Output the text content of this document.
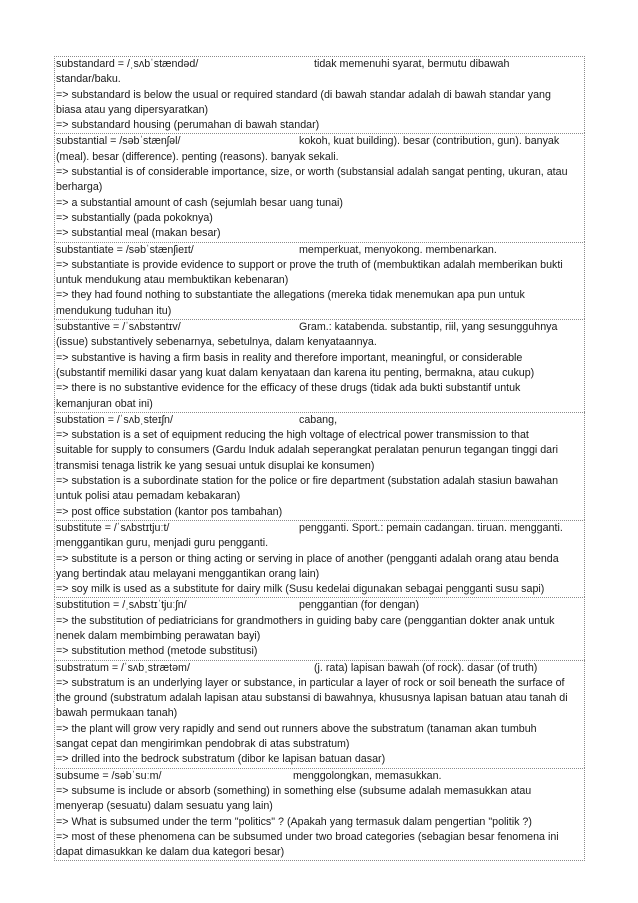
substandard = /ˌsʌbˈstændəd/	tidak memenuhi syarat, bermutu dibawah
standar/baku.
=> substandard is below the usual or required standard (di bawah standar adalah di bawah standar yang
biasa atau yang dipersyaratkan)
=> substandard housing (perumahan di bawah standar)
substantial = /səbˈstænʃəl/	kokoh, kuat building). besar (contribution, gun). banyak
(meal). besar (difference). penting (reasons). banyak sekali.
=> substantial is of considerable importance, size, or worth (substansial adalah sangat penting, ukuran, atau
berharga)
=> a substantial amount of cash (sejumlah besar uang tunai)
=> substantially (pada pokoknya)
=> substantial meal (makan besar)
substantiate = /səbˈstænʃieɪt/	memperkuat, menyokong. membenarkan.
=> substantiate is provide evidence to support or prove the truth of (membuktikan adalah memberikan bukti
untuk mendukung atau membuktikan kebenaran)
=> they had found nothing to substantiate the allegations (mereka tidak menemukan apa pun untuk
mendukung tuduhan itu)
substantive = /ˈsʌbstəntɪv/	Gram.: katabenda. substantip, riil, yang sesungguhnya
(issue) substantively sebenarnya, sebetulnya, dalam kenyataannya.
=> substantive is having a firm basis in reality and therefore important, meaningful, or considerable
(substantif memiliki dasar yang kuat dalam kenyataan dan karena itu penting, bermakna, atau cukup)
=> there is no substantive evidence for the efficacy of these drugs (tidak ada bukti substantif untuk
kemanjuran obat ini)
substation = /ˈsʌbˌsteɪʃn/	cabang,
=> substation is a set of equipment reducing the high voltage of electrical power transmission to that
suitable for supply to consumers (Gardu Induk adalah seperangkat peralatan penurun tegangan tinggi dari
transmisi tenaga listrik ke yang sesuai untuk disuplai ke konsumen)
=> substation is a subordinate station for the police or fire department (substation adalah stasiun bawahan
untuk polisi atau pemadam kebakaran)
=> post office substation (kantor pos tambahan)
substitute = /ˈsʌbstɪtjuːt/	pengganti. Sport.: pemain cadangan. tiruan. mengganti.
menggantikan guru, menjadi guru pengganti.
=> substitute is a person or thing acting or serving in place of another (pengganti adalah orang atau benda
yang bertindak atau melayani menggantikan orang lain)
=> soy milk is used as a substitute for dairy milk (Susu kedelai digunakan sebagai pengganti susu sapi)
substitution = /ˌsʌbstɪˈtjuːʃn/	penggantian (for dengan)
=> the substitution of pediatricians for grandmothers in guiding baby care (penggantian dokter anak untuk
nenek dalam membimbing perawatan bayi)
=> substitution method (metode substitusi)
substratum = /ˈsʌbˌstrætəm/	(j. rata) lapisan bawah (of rock). dasar (of truth)
=> substratum is an underlying layer or substance, in particular a layer of rock or soil beneath the surface of
the ground (substratum adalah lapisan atau substansi di bawahnya, khususnya lapisan batuan atau tanah di
bawah permukaan tanah)
=> the plant will grow very rapidly and send out runners above the substratum (tanaman akan tumbuh
sangat cepat dan mengirimkan pendobrak di atas substratum)
=> drilled into the bedrock substratum (dibor ke lapisan batuan dasar)
subsume = /səbˈsuːm/	menggolongkan, memasukkan.
=> subsume is include or absorb (something) in something else (subsume adalah memasukkan atau
menyerap (sesuatu) dalam sesuatu yang lain)
=> What is subsumed under the term "politics" ? (Apakah yang termasuk dalam pengertian "politik ?)
=> most of these phenomena can be subsumed under two broad categories (sebagian besar fenomena ini
dapat dimasukkan ke dalam dua kategori besar)
